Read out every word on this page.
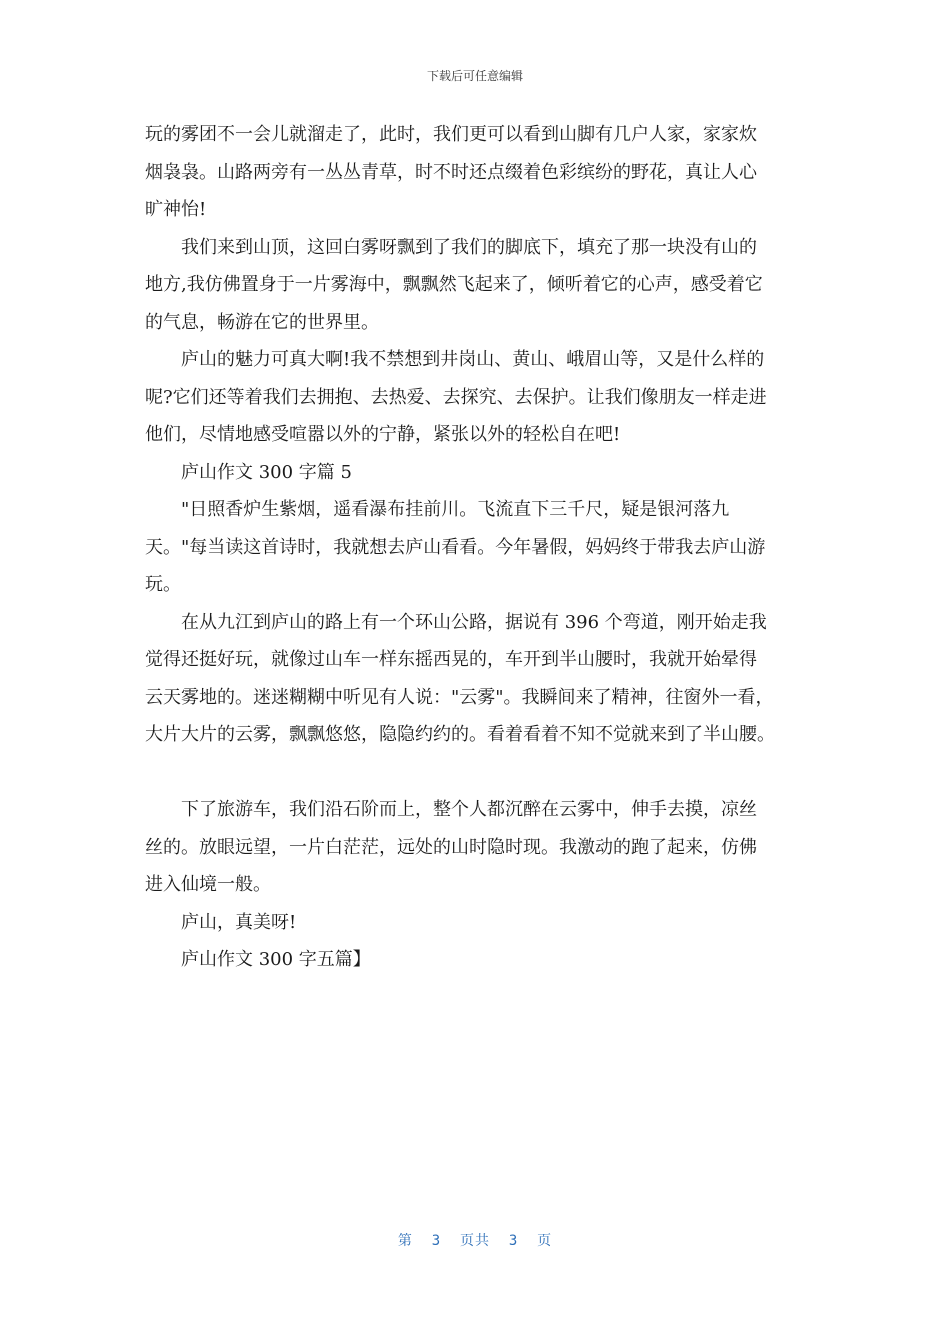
下载后可任意编辑
玩的雾团不一会儿就溜走了，此时，我们更可以看到山脚有几户人家，家家炊
烟袅袅。山路两旁有一丛丛青草，时不时还点缀着色彩缤纷的野花，真让人心
旷神怡!
我们来到山顶，这回白雾呀飘到了我们的脚底下，填充了那一块没有山的
地方,我仿佛置身于一片雾海中，飘飘然飞起来了，倾听着它的心声，感受着它
的气息，畅游在它的世界里。
庐山的魅力可真大啊!我不禁想到井岗山、黄山、峨眉山等，又是什么样的
呢?它们还等着我们去拥抱、去热爱、去探究、去保护。让我们像朋友一样走进
他们，尽情地感受喧嚣以外的宁静，紧张以外的轻松自在吧!
庐山作文 300 字篇 5
"日照香炉生紫烟，遥看瀑布挂前川。飞流直下三千尺，疑是银河落九
天。"每当读这首诗时，我就想去庐山看看。今年暑假，妈妈终于带我去庐山游
玩。
在从九江到庐山的路上有一个环山公路，据说有 396 个弯道，刚开始走我
觉得还挺好玩，就像过山车一样东摇西晃的，车开到半山腰时，我就开始晕得
云天雾地的。迷迷糊糊中听见有人说："云雾"。我瞬间来了精神，往窗外一看，
大片大片的云雾，飘飘悠悠，隐隐约约的。看着看着不知不觉就来到了半山腰。
下了旅游车，我们沿石阶而上，整个人都沉醉在云雾中，伸手去摸，凉丝
丝的。放眼远望，一片白茫茫，远处的山时隐时现。我激动的跑了起来，仿佛
进入仙境一般。
庐山，真美呀!
庐山作文 300 字五篇】
第  3  页共  3  页
